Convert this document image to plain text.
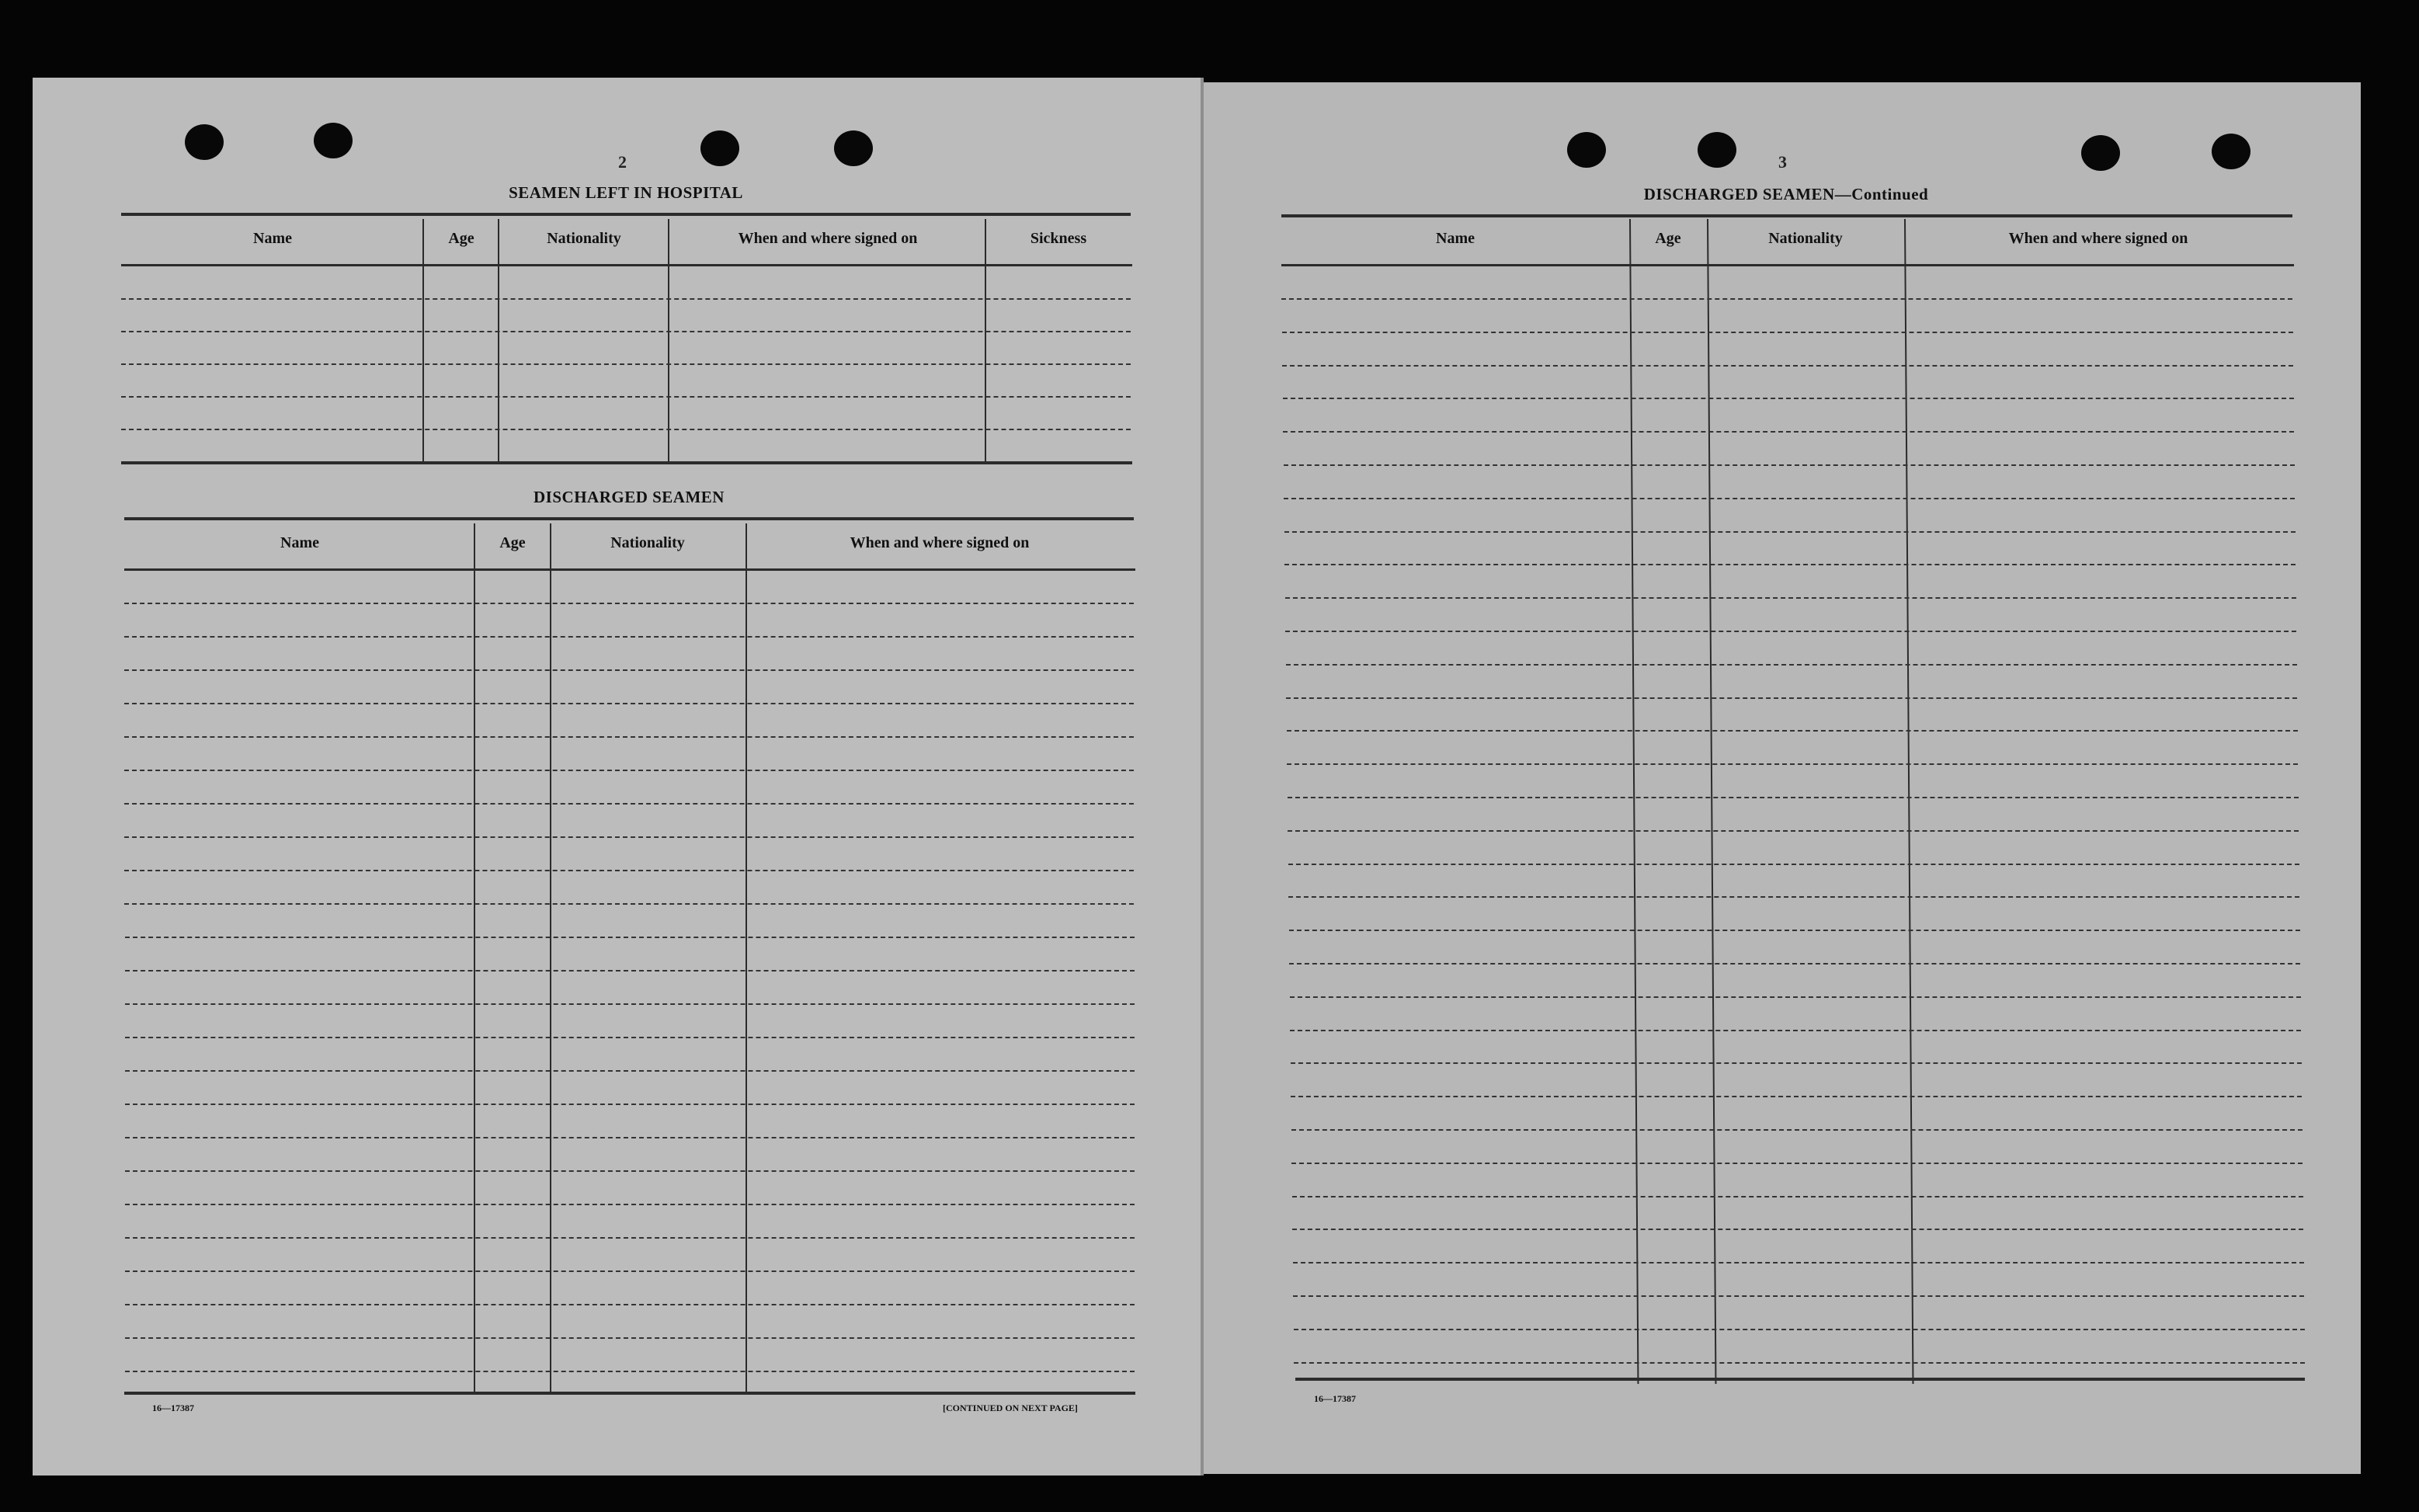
2	3
SEAMEN LEFT IN HOSPITAL
Name	Age	Nationality	When and where signed on	Sickness
DISCHARGED SEAMEN
Name	Age	Nationality	When and where signed on
16—17387	[CONTINUED ON NEXT PAGE]
DISCHARGED SEAMEN—Continued
Name	Age	Nationality	When and where signed on
16—17387
